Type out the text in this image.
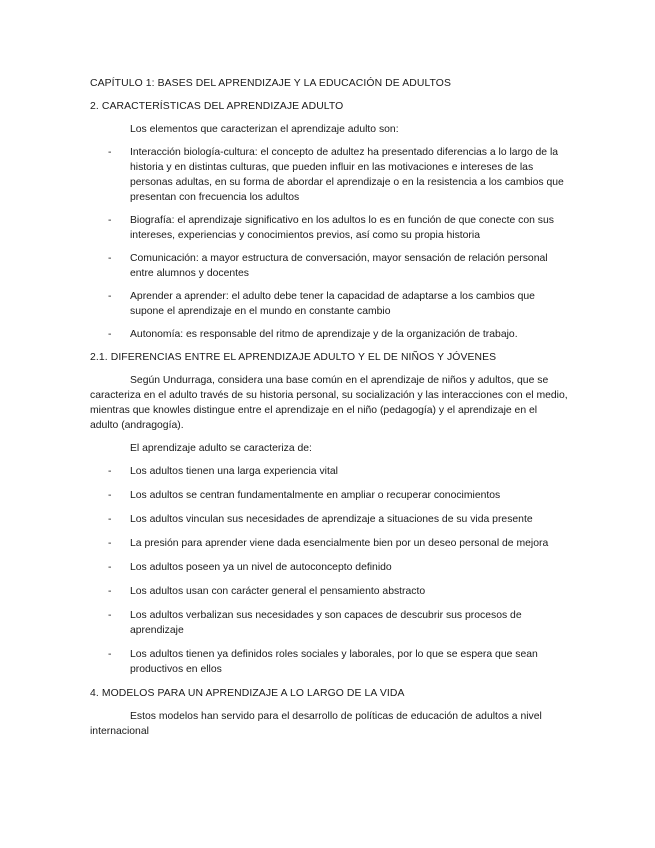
CAPÍTULO 1: BASES DEL APRENDIZAJE Y LA EDUCACIÓN DE ADULTOS
2. CARACTERÍSTICAS DEL APRENDIZAJE ADULTO
Los elementos que caracterizan el aprendizaje adulto son:
- Interacción biología-cultura: el concepto de adultez ha presentado diferencias a lo largo de la historia y en distintas culturas, que pueden influir en las motivaciones e intereses de las personas adultas, en su forma de abordar el aprendizaje o en la resistencia a los cambios que presentan con frecuencia los adultos
- Biografía: el aprendizaje significativo en los adultos lo es en función de que conecte con sus intereses, experiencias y conocimientos previos, así como su propia historia
- Comunicación: a mayor estructura de conversación, mayor sensación de relación personal entre alumnos y docentes
- Aprender a aprender: el adulto debe tener la capacidad de adaptarse a los cambios que supone el aprendizaje en el mundo en constante cambio
- Autonomía: es responsable del ritmo de aprendizaje y de la organización de trabajo.
2.1. DIFERENCIAS ENTRE EL APRENDIZAJE ADULTO Y EL DE NIÑOS Y JÓVENES
Según Undurraga, considera una base común en el aprendizaje de niños y adultos, que se caracteriza en el adulto través de su historia personal, su socialización y las interacciones con el medio, mientras que knowles distingue entre el aprendizaje en el niño (pedagogía) y el aprendizaje en el adulto (andragogía).
El aprendizaje adulto se caracteriza de:
- Los adultos tienen una larga experiencia vital
- Los adultos se centran fundamentalmente en ampliar o recuperar conocimientos
- Los adultos vinculan sus necesidades de aprendizaje a situaciones de su vida presente
- La presión para aprender viene dada esencialmente bien por un deseo personal de mejora
- Los adultos poseen ya un nivel de autoconcepto definido
- Los adultos usan con carácter general el pensamiento abstracto
- Los adultos verbalizan sus necesidades y son capaces de descubrir sus procesos de aprendizaje
- Los adultos tienen ya definidos roles sociales y laborales, por lo que se espera que sean productivos en ellos
4. MODELOS PARA UN APRENDIZAJE A LO LARGO DE LA VIDA
Estos modelos han servido para el desarrollo de políticas de educación de adultos a nivel internacional
